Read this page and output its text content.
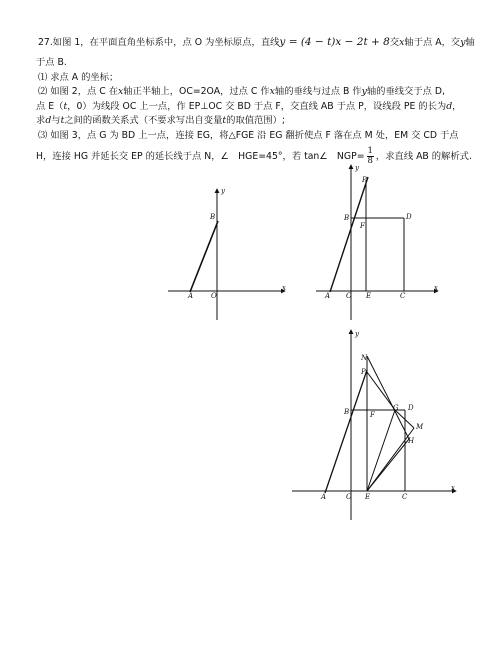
27.如图 1，在平面直角坐标系中，点 O 为坐标原点，直线y = (4 − t)x − 2t + 8交x轴于点 A，交y轴
于点 B.
⑴ 求点 A 的坐标；
⑵ 如图 2，点 C 在x轴正半轴上，OC=2OA，过点 C 作x轴的垂线与过点 B 作y轴的垂线交于点 D,
点 E（t，0）为线段 OC 上一点，作 EP⊥OC 交 BD 于点 F，交直线 AB 于点 P，设线段 PE 的长为d，
求d与t之间的函数关系式（不要求写出自变量t的取值范围）;
⑶ 如图 3，点 G 为 BD 上一点，连接 EG，将△FGE 沿 EG 翻折使点 F 落在点 M 处，EM 交 CD 于点
H，连接 HG 并延长交 EP 的延长线于点 N，∠　HGE=45°，若 tan∠　$NGP= \frac{1}{8}$ ，求直线 AB 的解析式.
A
B
O
x
y
P
B
F
D
A O E	C
x
y
N
P
B	F
G D
M
H
A	O E	C
x
y
